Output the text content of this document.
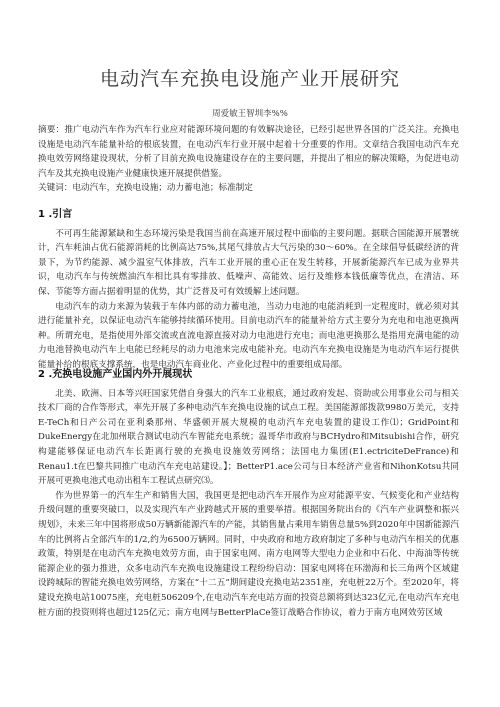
电动汽车充换电设施产业开展研究
周爱敏王智圳李%%

摘要：推广电动汽车作为汽车行业应对能源环境问题的有效解决途径，已经引起世界各国的广泛关注。充换电设施是电动汽车能量补给的根底装置，在电动汽车行业开展中起着十分重要的作用。文章结合我国电动汽车充换电效劳网络建设现状，分析了目前充换电设施建设存在的主要问题，并提出了相应的解决策略，为促进电动汽车及其充换电设施产业健康快速开展提供借鉴。

关键词：电动汽车，充换电设施；动力蓄电池；标准制定

1 .引言

不可再生能源紧缺和生态环境污染是我国当前在高速开展过程中面临的主要问题。据联合国能源开展署统计，汽车耗油占优石能源消耗的比例高达75%,其尾气排放占大气污染的30〜60%。在全球倡导低碳经济的背景下，为节约能源、减少温室气体排放，汽车工业开展的重心正在发生转移，开展新能源汽车已成为业界共识，电动汽车与传统燃油汽车相比具有零排放、低噪声、高能效、运行及维修本钱低廉等优点，在清洁、环保、节能等方面占据着明显的优势，其广泛普及可有效缓解上述问题。

电动汽车的动力来源为装载于车体内部的动力蓄电池，当动力电池的电能消耗到一定程度时，就必须对其进行能量补充，以保证电动汽车能够持续循环使用。目前电动汽车的能量补给方式主要分为充电和电池更换两种。所谓充电，是指使用外部交流或直流电源直接对动力电池进行充电；而电池更换那么是指用充满电能的动力电池替换电动汽车上电能已经耗尽的动力电池来完成电能补充。电动汽车充换电设施是为电动汽车运行提供能量补给的根底支撑系统，也是电动汽车商业化、产业化过程中的重要组成局部。

2 .充换电设施产业国内外开展现状

北美、欧洲、日本等兴旺国家凭借自身强大的汽车工业根底，通过政府发起、资助或公用事业公司与相关技术厂商的合作等形式，率先开展了多种电动汽车充换电设施的试点工程。美国能源部拨款9980万美元，支持E-TeCh和日产公司在亚利桑那州、华盛顿开展大规模的电动汽车充电装置的建设工作⑴；GridPoint和DukeEnergy在北加州联合测试电动汽车智能充电系统；温哥华市政府与BCHydro和Mitsubishi合作，研究构建能够保证电动汽车长距离行驶的充换电设施效劳网络；法国电力集团(E1.ectriciteDeFrance)和Renau1.t在巴黎共同推广电动汽车充电站建设。】；BetterP1.ace公司与日本经济产业省和NihonKotsu共同开展可更换电池式电动出租车工程试点研究⑶。

作为世界第一的汽车生产和销售大国，我国更是把电动汽车开展作为应对能源平安、气候变化和产业结构升级问题的重要突破口，以及实现汽车产业跨越式开展的重要举措。根据国务院出台的《汽车产业调整和振兴规划》，未来三年中国将形成50万辆新能源汽车的产能，其销售量占乘用车销售总量5%到2020年中国新能源汽车的比例将占全部汽车的1/2,约为6500万辆网。同时，中央政府和地方政府制定了多种与电动汽车相关的优惠政策，特别是在电动汽车充换电效劳方面，由于国家电网、南方电网等大型电力企业和中石化、中海油等传统能源企业的强力推进，众多电动汽车充换电设施建设工程纷纷启动：国家电网将在环渤海和长三角两个区域建设跨城际的智能充换电效劳网络，方案在“十二五”期间建设充换电站2351座，充电桩22万个。至2020年，将建设充换电站10075座，充电桩506209个,在电动汽车充电站方面的投资总额将到达323亿元,在电动汽车充电桩方面的投资则将也超过125亿元；南方电网与BetterPlaCe签订战略合作协议，着力于南方电网效劳区域
